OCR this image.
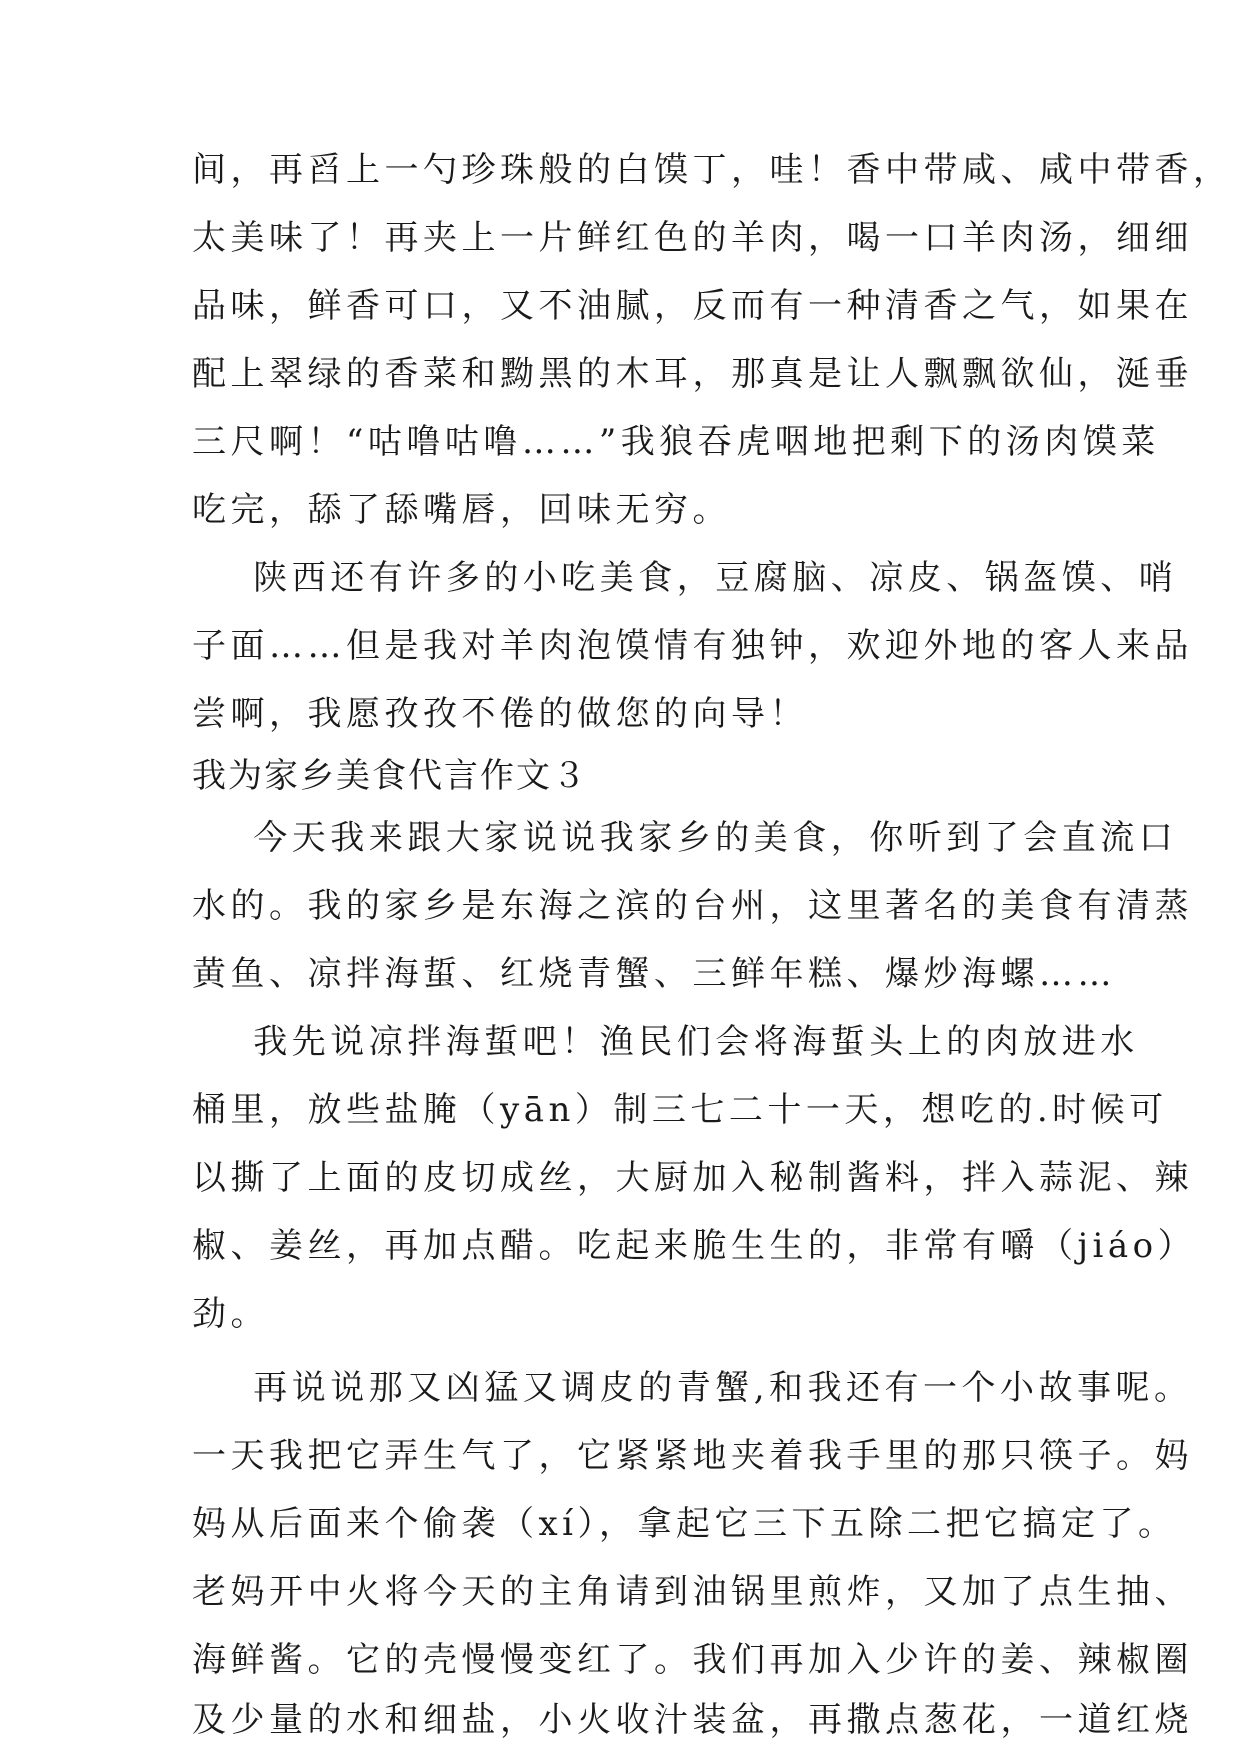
间，再舀上一勺珍珠般的白馍丁，哇！香中带咸、咸中带香，
太美味了！再夹上一片鲜红色的羊肉，喝一口羊肉汤，细细
品味，鲜香可口，又不油腻，反而有一种清香之气，如果在
配上翠绿的香菜和黝黑的木耳，那真是让人飘飘欲仙，涎垂
三尺啊！“咕噜咕噜……”我狼吞虎咽地把剩下的汤肉馍菜
吃完，舔了舔嘴唇，回味无穷。
陕西还有许多的小吃美食，豆腐脑、凉皮、锅盔馍、哨
子面……但是我对羊肉泡馍情有独钟，欢迎外地的客人来品
尝啊，我愿孜孜不倦的做您的向导！
我为家乡美食代言作文３
今天我来跟大家说说我家乡的美食，你听到了会直流口
水的。我的家乡是东海之滨的台州，这里著名的美食有清蒸
黄鱼、凉拌海蜇、红烧青蟹、三鲜年糕、爆炒海螺……
我先说凉拌海蜇吧！渔民们会将海蜇头上的肉放进水
桶里，放些盐腌（yān）制三七二十一天，想吃的.时候可
以撕了上面的皮切成丝，大厨加入秘制酱料，拌入蒜泥、辣
椒、姜丝，再加点醋。吃起来脆生生的，非常有嚼（jiáo）
劲。
再说说那又凶猛又调皮的青蟹,和我还有一个小故事呢。
一天我把它弄生气了，它紧紧地夹着我手里的那只筷子。妈
妈从后面来个偷袭（xí），拿起它三下五除二把它搞定了。
老妈开中火将今天的主角请到油锅里煎炸，又加了点生抽、
海鲜酱。它的壳慢慢变红了。我们再加入少许的姜、辣椒圈
及少量的水和细盐，小火收汁装盆，再撒点葱花，一道红烧
